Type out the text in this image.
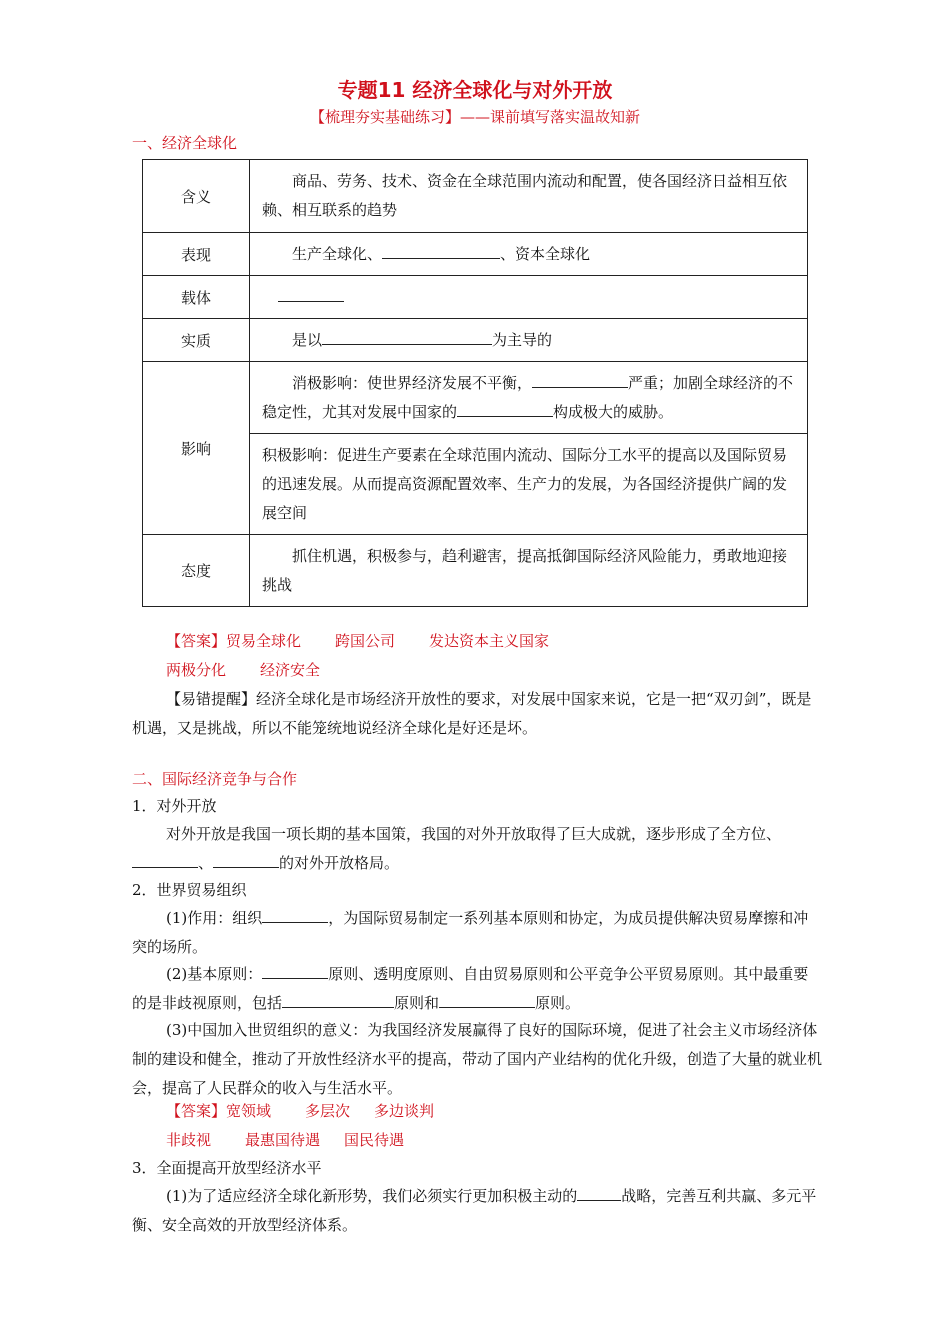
专题11 经济全球化与对外开放
【梳理夯实基础练习】——课前填写落实温故知新
一、经济全球化
含义	商品、劳务、技术、资金在全球范围内流动和配置，使各国经济日益相互依赖、相互联系的趋势
表现	生产全球化、 、资本全球化
载体	
实质	是以 为主导的
影响	消极影响：使世界经济发展不平衡， 严重；加剧全球经济的不稳定性，尤其对发展中国家的 构成极大的威胁。
	积极影响：促进生产要素在全球范围内流动、国际分工水平的提高以及国际贸易的迅速发展。从而提高资源配置效率、生产力的发展，为各国经济提供广阔的发展空间
态度	抓住机遇，积极参与，趋利避害，提高抵御国际经济风险能力，勇敢地迎接挑战
【答案】贸易全球化 跨国公司 发达资本主义国家
两极分化 经济安全
【易错提醒】经济全球化是市场经济开放性的要求，对发展中国家来说，它是一把“双刃剑”，既是机遇，又是挑战，所以不能笼统地说经济全球化是好还是坏。
二、国际经济竞争与合作
1．对外开放
对外开放是我国一项长期的基本国策，我国的对外开放取得了巨大成就，逐步形成了全方位、、	的对外开放格局。
2．世界贸易组织
(1)作用：组织	，为国际贸易制定一系列基本原则和协定，为成员提供解决贸易摩擦和冲突的场所。
(2)基本原则：	原则、透明度原则、自由贸易原则和公平竞争公平贸易原则。其中最重要的是非歧视原则，包括	原则和	原则。
(3)中国加入世贸组织的意义：为我国经济发展赢得了良好的国际环境，促进了社会主义市场经济体制的建设和健全，推动了开放性经济水平的提高，带动了国内产业结构的优化升级，创造了大量的就业机会，提高了人民群众的收入与生活水平。
【答案】宽领域 多层次 多边谈判
非歧视 最惠国待遇 国民待遇
3．全面提高开放型经济水平
(1)为了适应经济全球化新形势，我们必须实行更加积极主动的	战略，完善互利共赢、多元平衡、安全高效的开放型经济体系。
